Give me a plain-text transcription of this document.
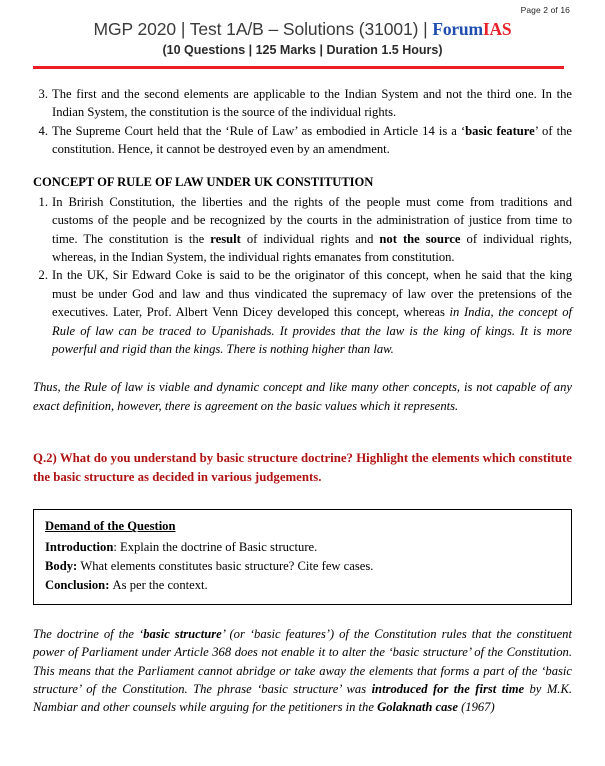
Page 2 of 16
MGP 2020 | Test 1A/B – Solutions (31001) | ForumIAS
(10 Questions | 125 Marks | Duration 1.5 Hours)
3. The first and the second elements are applicable to the Indian System and not the third one. In the Indian System, the constitution is the source of the individual rights.
4. The Supreme Court held that the ‘Rule of Law’ as embodied in Article 14 is a ‘basic feature’ of the constitution. Hence, it cannot be destroyed even by an amendment.
CONCEPT OF RULE OF LAW UNDER UK CONSTITUTION
1. In Brirish Constitution, the liberties and the rights of the people must come from traditions and customs of the people and be recognized by the courts in the administration of justice from time to time. The constitution is the result of individual rights and not the source of individual rights, whereas, in the Indian System, the individual rights emanates from constitution.
2. In the UK, Sir Edward Coke is said to be the originator of this concept, when he said that the king must be under God and law and thus vindicated the supremacy of law over the pretensions of the executives. Later, Prof. Albert Venn Dicey developed this concept, whereas in India, the concept of Rule of law can be traced to Upanishads. It provides that the law is the king of kings. It is more powerful and rigid than the kings. There is nothing higher than law.

Thus, the Rule of law is viable and dynamic concept and like many other concepts, is not capable of any exact definition, however, there is agreement on the basic values which it represents.

Q.2) What do you understand by basic structure doctrine? Highlight the elements which constitute the basic structure as decided in various judgements.

Demand of the Question
Introduction: Explain the doctrine of Basic structure.
Body: What elements constitutes basic structure? Cite few cases.
Conclusion: As per the context.

The doctrine of the ‘basic structure’ (or ‘basic features’) of the Constitution rules that the constituent power of Parliament under Article 368 does not enable it to alter the ‘basic structure’ of the Constitution. This means that the Parliament cannot abridge or take away the elements that forms a part of the ‘basic structure’ of the Constitution. The phrase ‘basic structure’ was introduced for the first time by M.K. Nambiar and other counsels while arguing for the petitioners in the Golaknath case (1967)
